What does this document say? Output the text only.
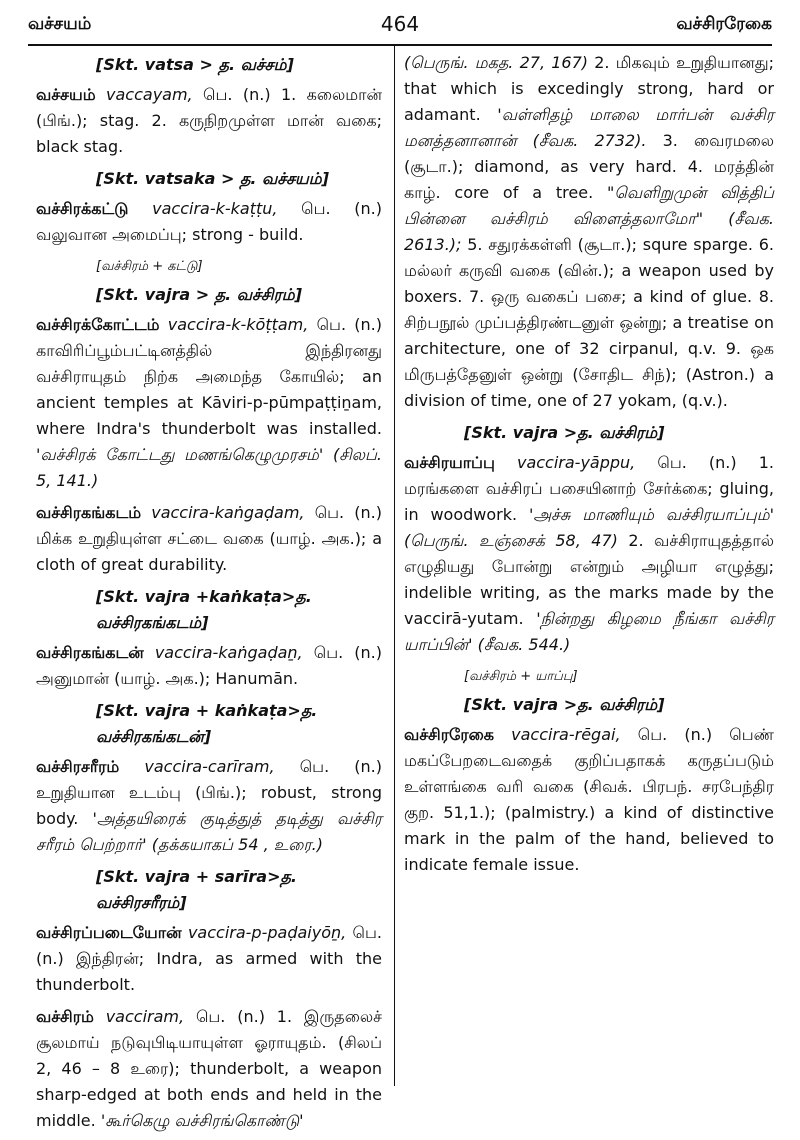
வச்சயம்	464	வச்சிரரேகை

[Skt. vatsa > த. வச்சம்]

வச்சயம் vaccayam, பெ. (n.) 1. கலைமான் (பிங்.); stag. 2. கருநிறமுள்ள மான் வகை; black stag.

[Skt. vatsaka > த. வச்சயம்]

வச்சிரக்கட்டு vaccira-k-kaṭṭu, பெ. (n.) வலுவான அமைப்பு; strong - build.

[வச்சிரம் + கட்டு]

[Skt. vajra > த. வச்சிரம்]

வச்சிரக்கோட்டம் vaccira-k-kōṭṭam, பெ. (n.) காவிரிப்பூம்பட்டினத்தில் இந்திரனது வச்சிராயுதம் நிற்க அமைந்த கோயில்; an ancient temples at Kāviri-p-pūmpaṭṭiṉam, where Indra's thunderbolt was installed. 'வச்சிரக் கோட்டது மணங்கெழுமுரசம்' (சிலப். 5, 141.)

வச்சிரகங்கடம் vaccira-kaṅgaḍam, பெ. (n.) மிக்க உறுதியுள்ள சட்டை வகை (யாழ். அக.); a cloth of great durability.

[Skt. vajra +kaṅkaṭa>த. வச்சிரகங்கடம்]

வச்சிரகங்கடன் vaccira-kaṅgaḍaṉ, பெ. (n.) அனுமான் (யாழ். அக.); Hanumān.

[Skt. vajra + kaṅkaṭa>த. வச்சிரகங்கடன்]

வச்சிரசரீரம் vaccira-carīram, பெ. (n.) உறுதியான உடம்பு (பிங்.); robust, strong body. 'அத்தயிரைக் குடித்துத் தடித்து வச்சிர சரீரம் பெற்றார்' (தக்கயாகப் 54 , உரை.)

[Skt. vajra + sarīra>த. வச்சிரசரீரம்]

வச்சிரப்படையோன் vaccira-p-paḍaiyōṉ, பெ.(n.) இந்திரன்; Indra, as armed with the thunderbolt.

வச்சிரம் vacciram, பெ. (n.) 1. இருதலைச் சூலமாய் நடுவுபிடியாயுள்ள ஓராயுதம். (சிலப் 2, 46 – 8 உரை); thunderbolt, a weapon sharp-edged at both ends and held in the middle. 'கூர்கெழு வச்சிரங்கொண்டு'

(பெருங். மகத. 27, 167) 2. மிகவும் உறுதியானது; that which is excedingly strong, hard or adamant. 'வள்ளிதழ் மாலை மார்பன் வச்சிர மனத்தனானான் (சீவக. 2732). 3. வைரமலை (சூடா.); diamond, as very hard. 4. மரத்தின் காழ். core of a tree. "வெளிறுமுன் வித்திப் பின்னை வச்சிரம் விளைத்தலாமோ" (சீவக. 2613.); 5. சதுரக்கள்ளி (சூடா.); squre sparge. 6. மல்லர் கருவி வகை (வின்.); a weapon used by boxers. 7. ஒரு வகைப் பசை; a kind of glue. 8. சிற்பநூல் முப்பத்திரண்டனுள் ஒன்று; a treatise on architecture, one of 32 cirpanul, q.v. 9. ஒக மிருபத்தேனுள் ஒன்று (சோதிட சிந்); (Astron.) a division of time, one of 27 yokam, (q.v.).

[Skt. vajra >த. வச்சிரம்]

வச்சிரயாப்பு vaccira-yāppu, பெ. (n.) 1. மரங்களை வச்சிரப் பசையினாற் சேர்க்கை; gluing, in woodwork. 'அச்சு மாணியும் வச்சிரயாப்பும்' (பெருங். உஞ்சைக் 58, 47) 2. வச்சிராயுதத்தால் எழுதியது போன்று என்றும் அழியா எழுத்து; indelible writing, as the marks made by the vaccirā-yutam. 'நின்றது கிழமை நீங்கா வச்சிர யாப்பின்' (சீவக. 544.)

[வச்சிரம் + யாப்பு]

[Skt. vajra >த. வச்சிரம்]

வச்சிரரேகை vaccira-rēgai, பெ. (n.) பெண் மகப்பேறடைவதைக் குறிப்பதாகக் கருதப்படும் உள்ளங்கை வரி வகை (சிவக். பிரபந். சரபேந்திர குற. 51,1.); (palmistry.) a kind of distinctive mark in the palm of the hand, believed to indicate female issue.
